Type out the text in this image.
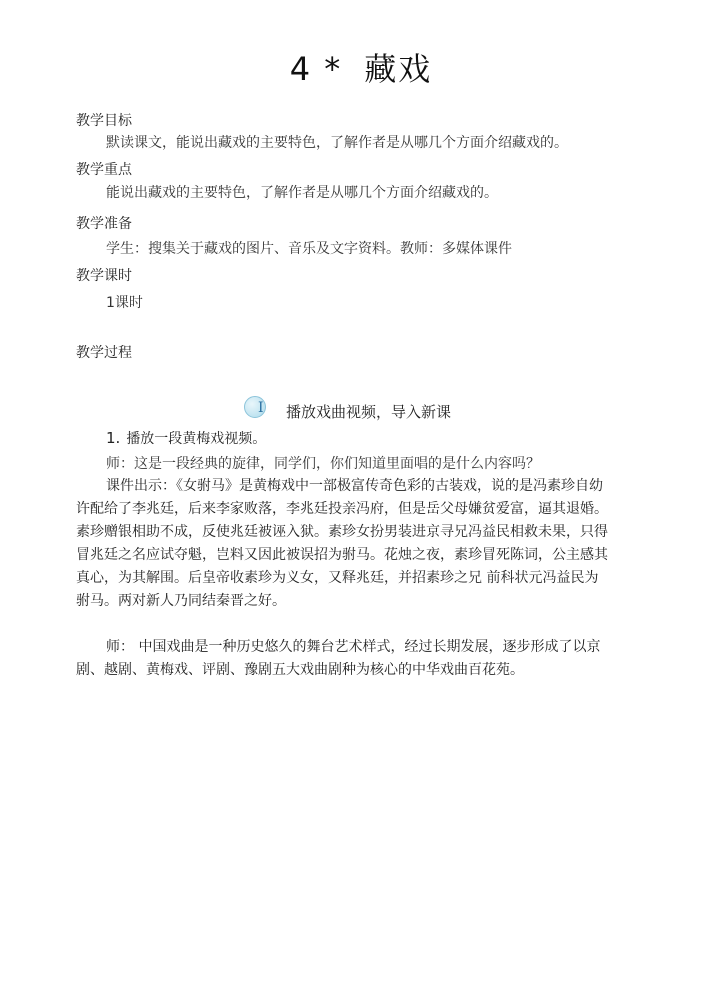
4 * 藏戏
教学目标
默读课文，能说出藏戏的主要特色，了解作者是从哪几个方面介绍藏戏的。
教学重点
能说出藏戏的主要特色，了解作者是从哪几个方面介绍藏戏的。
教学准备
学生：搜集关于藏戏的图片、音乐及文字资料。教师：多媒体课件
教学课时
1课时
教学过程
I 播放戏曲视频，导入新课
1. 播放一段黄梅戏视频。
师：这是一段经典的旋律，同学们，你们知道里面唱的是什么内容吗？
课件出示：《女驸马》是黄梅戏中一部极富传奇色彩的古装戏，说的是冯素珍自幼
许配给了李兆廷，后来李家败落，李兆廷投亲冯府，但是岳父母嫌贫爱富，逼其退婚。
素珍赠银相助不成，反使兆廷被诬入狱。素珍女扮男装进京寻兄冯益民相救未果，只得
冒兆廷之名应试夺魁，岂料又因此被误招为驸马。花烛之夜，素珍冒死陈词，公主感其
真心，为其解围。后皇帝收素珍为义女，又释兆廷，并招素珍之兄 前科状元冯益民为
驸马。两对新人乃同结秦晋之好。
师： 中国戏曲是一种历史悠久的舞台艺术样式，经过长期发展，逐步形成了以京
剧、越剧、黄梅戏、评剧、豫剧五大戏曲剧种为核心的中华戏曲百花苑。
